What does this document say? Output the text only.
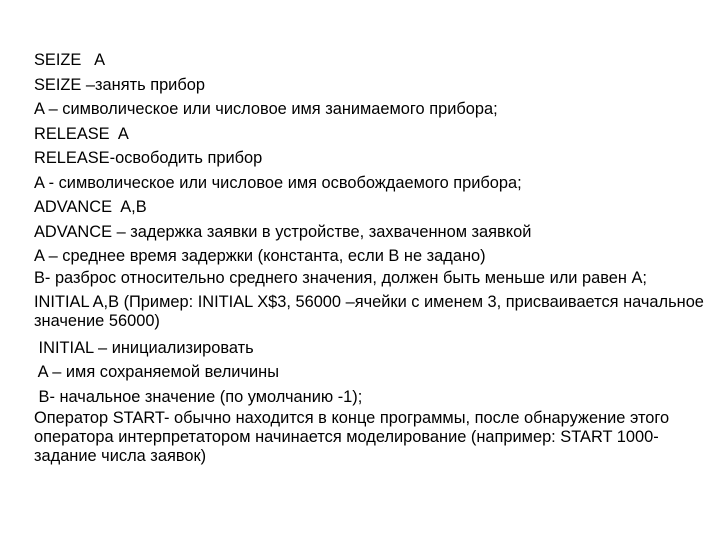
SEIZE   A
SEIZE –занять прибор
A – символическое или числовое имя занимаемого прибора;
RELEASE  A
RELEASE-освободить прибор
A - символическое или числовое имя освобождаемого прибора;
ADVANCE  A,B
ADVANCE – задержка заявки в устройстве, захваченном заявкой
A – среднее время задержки (константа, если В не задано)
B- разброс относительно среднего значения, должен быть меньше или равен A;
INITIAL A,B (Пример: INITIAL X$3, 56000 –ячейки с именем 3, присваивается начальное значение 56000)
INITIAL – инициализировать
A – имя сохраняемой величины
B- начальное значение (по умолчанию -1);
Оператор START- обычно находится в конце программы, после обнаружение этого оператора интерпретатором начинается моделирование (например: START 1000- задание числа заявок)
